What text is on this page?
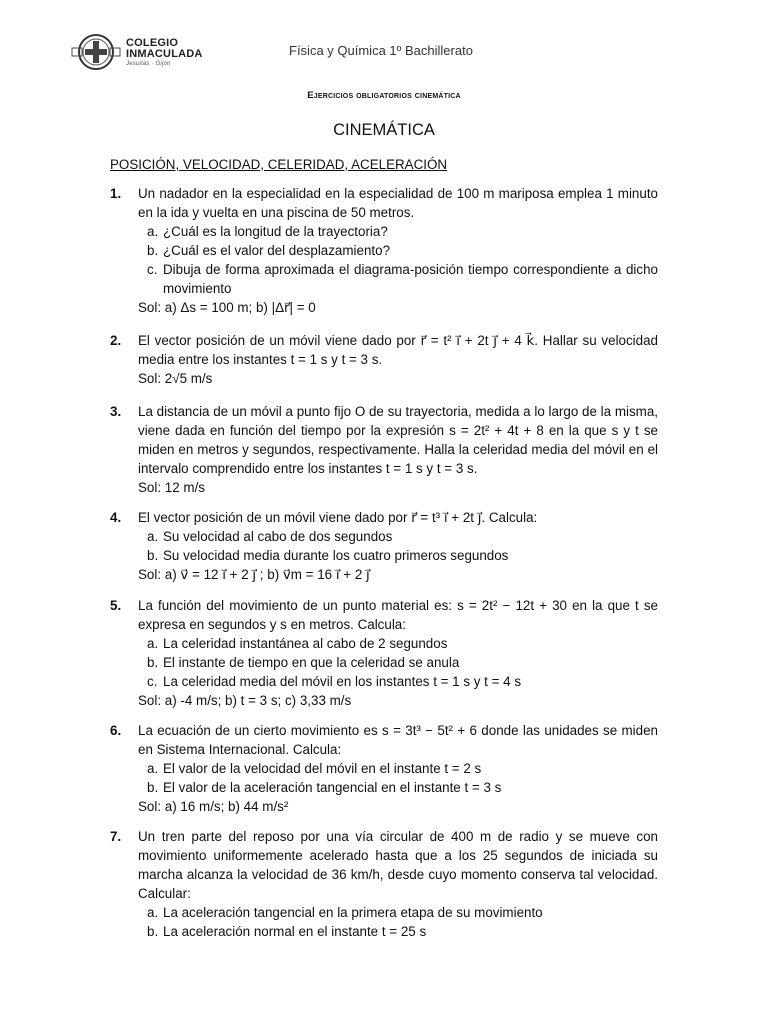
COLEGIO
INMACULADA
Jesuitas · Gijón
Física y Química 1º Bachillerato
Ejercicios obligatorios cinemática
CINEMÁTICA
POSICIÓN, VELOCIDAD, CELERIDAD, ACELERACIÓN
1. Un nadador en la especialidad en la especialidad de 100 m mariposa emplea 1 minuto en la ida y vuelta en una piscina de 50 metros.
a. ¿Cuál es la longitud de la trayectoria?
b. ¿Cuál es el valor del desplazamiento?
c. Dibuja de forma aproximada el diagrama-posición tiempo correspondiente a dicho movimiento
Sol: a) Δs = 100 m; b) |Δr⃗| = 0
2. El vector posición de un móvil viene dado por r⃗ = t² i⃗ + 2t j⃗ + 4 k⃗. Hallar su velocidad media entre los instantes t = 1 s y t = 3 s.
Sol: 2√5 m/s
3. La distancia de un móvil a punto fijo O de su trayectoria, medida a lo largo de la misma, viene dada en función del tiempo por la expresión s = 2t² + 4t + 8 en la que s y t se miden en metros y segundos, respectivamente. Halla la celeridad media del móvil en el intervalo comprendido entre los instantes t = 1 s y t = 3 s.
Sol: 12 m/s
4. El vector posición de un móvil viene dado por r⃗ = t³ i⃗ + 2t j⃗. Calcula:
a. Su velocidad al cabo de dos segundos
b. Su velocidad media durante los cuatro primeros segundos
Sol: a) v⃗ = 12 i⃗ + 2 j⃗ ; b) v⃗m = 16 i⃗ + 2 j⃗
5. La función del movimiento de un punto material es: s = 2t² − 12t + 30 en la que t se expresa en segundos y s en metros. Calcula:
a. La celeridad instantánea al cabo de 2 segundos
b. El instante de tiempo en que la celeridad se anula
c. La celeridad media del móvil en los instantes t = 1 s y t = 4 s
Sol: a) -4 m/s; b) t = 3 s; c) 3,33 m/s
6. La ecuación de un cierto movimiento es s = 3t³ − 5t² + 6 donde las unidades se miden en Sistema Internacional. Calcula:
a. El valor de la velocidad del móvil en el instante t = 2 s
b. El valor de la aceleración tangencial en el instante t = 3 s
Sol: a) 16 m/s; b) 44 m/s²
7. Un tren parte del reposo por una vía circular de 400 m de radio y se mueve con movimiento uniformemente acelerado hasta que a los 25 segundos de iniciada su marcha alcanza la velocidad de 36 km/h, desde cuyo momento conserva tal velocidad. Calcular:
a. La aceleración tangencial en la primera etapa de su movimiento
b. La aceleración normal en el instante t = 25 s
